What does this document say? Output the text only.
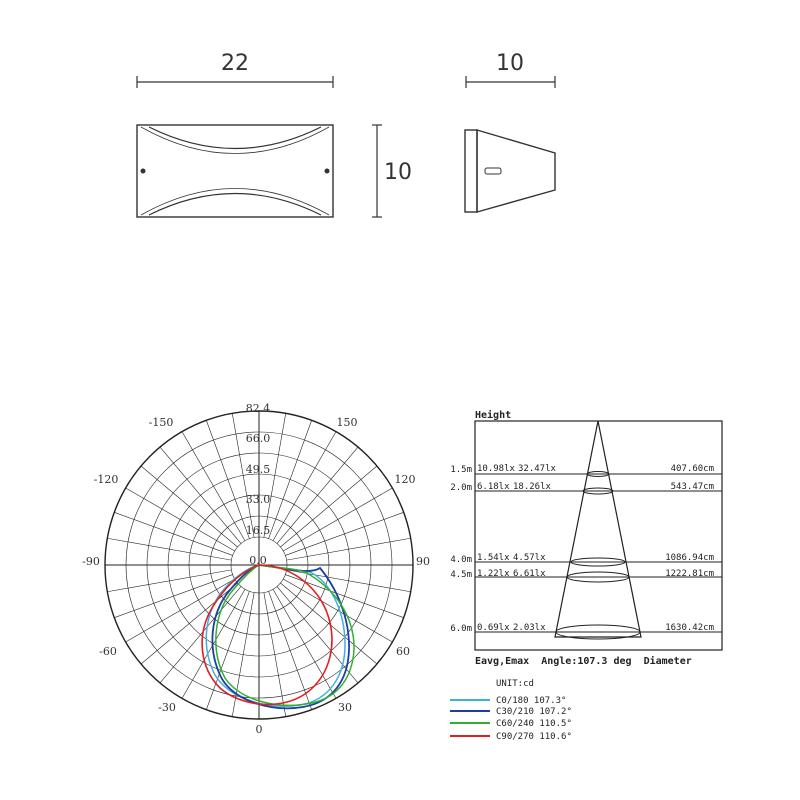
22
10
10
82.4
66.0
49.5
33.0
16.5
0.0
-150	150
-120	120
-90	90
-60	60
-30	30
0
Height
1.5m 10.98lx 32.47lx	407.60cm
2.0m 6.18lx 18.26lx	543.47cm
4.0m 1.54lx 4.57lx	1086.94cm
4.5m 1.22lx 6.61lx	1222.81cm
6.0m 0.69lx 2.03lx	1630.42cm
Eavg,Emax  Angle:107.3 deg  Diameter
UNIT:cd
C0/180 107.3°
C30/210 107.2°
C60/240 110.5°
C90/270 110.6°
